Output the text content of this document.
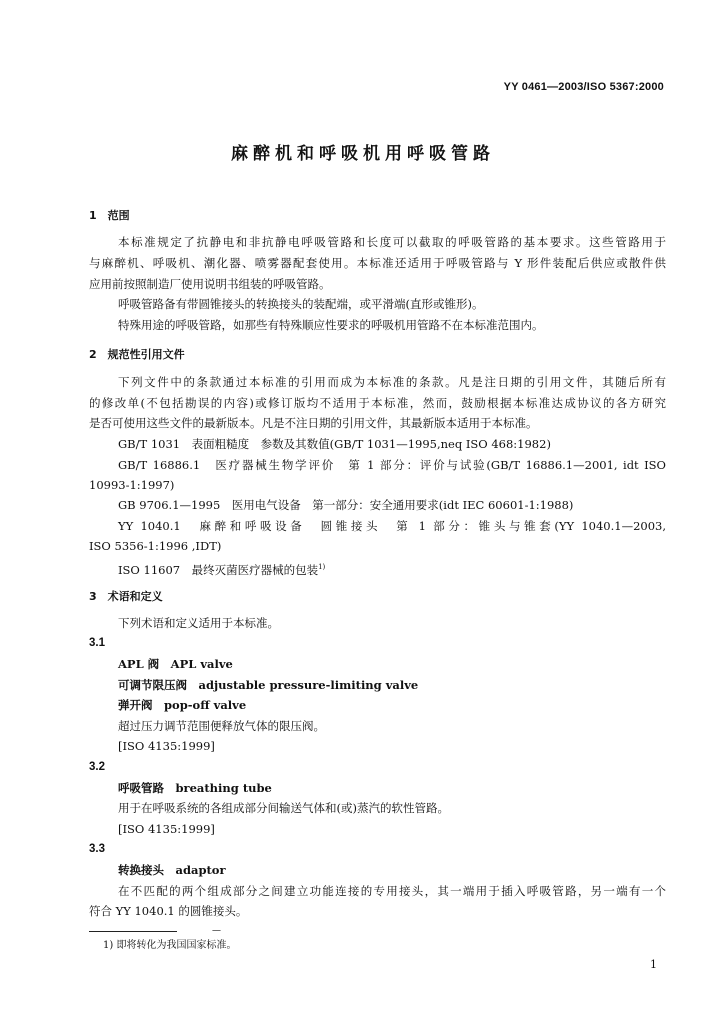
YY 0461—2003/ISO 5367:2000
麻醉机和呼吸机用呼吸管路
1　范围
本标准规定了抗静电和非抗静电呼吸管路和长度可以截取的呼吸管路的基本要求。这些管路用于
与麻醉机、呼吸机、潮化器、喷雾器配套使用。本标准还适用于呼吸管路与 Y 形件装配后供应或散件供
应用前按照制造厂使用说明书组装的呼吸管路。
呼吸管路备有带圆锥接头的转换接头的装配端，或平滑端(直形或锥形)。
特殊用途的呼吸管路，如那些有特殊顺应性要求的呼吸机用管路不在本标准范围内。
2　规范性引用文件
下列文件中的条款通过本标准的引用而成为本标准的条款。凡是注日期的引用文件，其随后所有
的修改单(不包括勘误的内容)或修订版均不适用于本标准，然而，鼓励根据本标准达成协议的各方研究
是否可使用这些文件的最新版本。凡是不注日期的引用文件，其最新版本适用于本标准。
GB/T 1031　表面粗糙度　参数及其数值(GB/T 1031—1995,neq ISO 468:1982)
GB/T 16886.1　医疗器械生物学评价　第 1 部分：评价与试验(GB/T 16886.1—2001, idt ISO
10993-1:1997)
GB 9706.1—1995　医用电气设备　第一部分：安全通用要求(idt IEC 60601-1:1988)
YY 1040.1　麻醉和呼吸设备　圆锥接头　第 1 部分：锥头与锥套(YY 1040.1—2003,
ISO 5356-1:1996 ,IDT)
ISO 11607　最终灭菌医疗器械的包装$^{1)}$
3　术语和定义
下列术语和定义适用于本标准。
3.1
APL 阀　APL valve
可调节限压阀　adjustable pressure-limiting valve
弹开阀　pop-off valve
超过压力调节范围便释放气体的限压阀。
[ISO 4135:1999]
3.2
呼吸管路　breathing tube
用于在呼吸系统的各组成部分间输送气体和(或)蒸汽的软性管路。
[ISO 4135:1999]
3.3
转换接头　adaptor
在不匹配的两个组成部分之间建立功能连接的专用接头，其一端用于插入呼吸管路，另一端有一个
符合 YY 1040.1 的圆锥接头。
—
1) 即将转化为我国国家标准。
1
